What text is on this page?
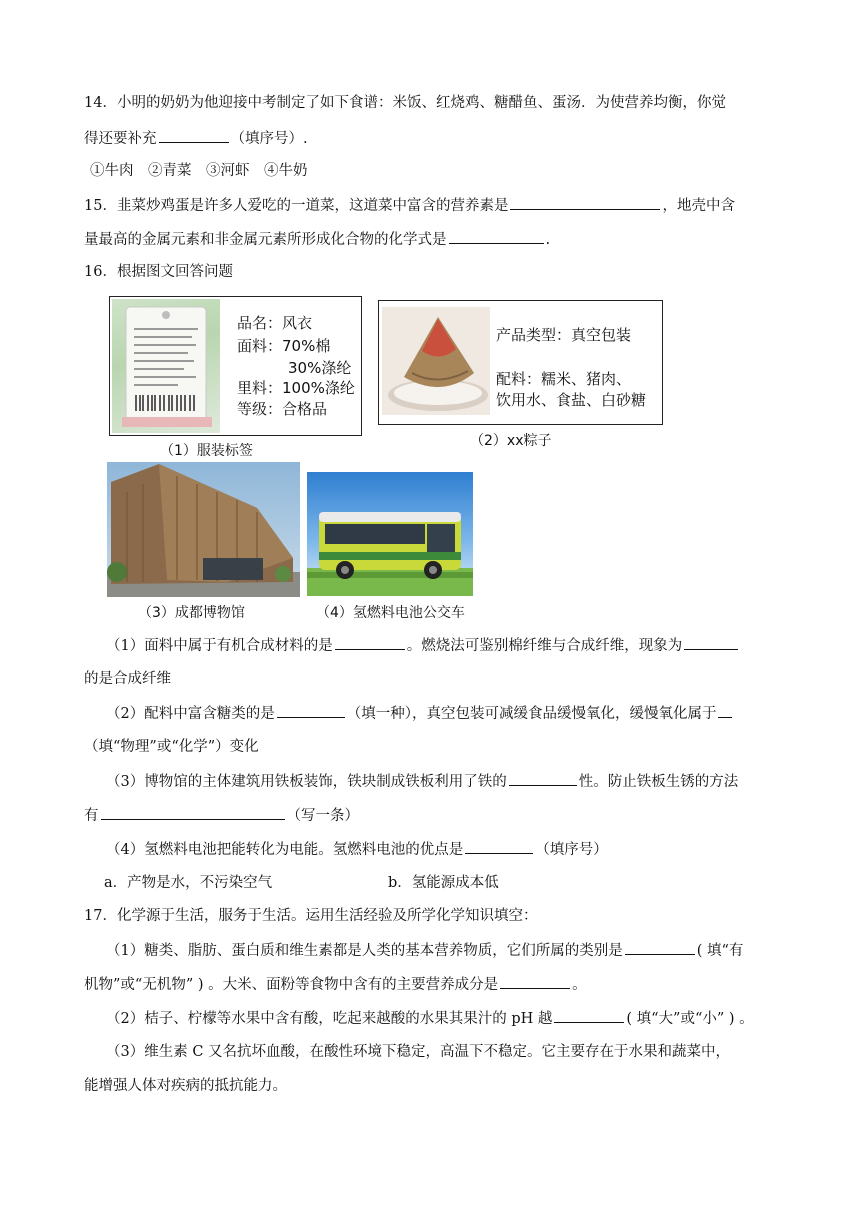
14．小明的奶奶为他迎接中考制定了如下食谱：米饭、红烧鸡、糖醋鱼、蛋汤．为使营养均衡，你觉
得还要补充	（填序号）.
①牛肉　②青菜　③河虾　④牛奶
15．韭菜炒鸡蛋是许多人爱吃的一道菜，这道菜中富含的营养素是	，地壳中含
量最高的金属元素和非金属元素所形成化合物的化学式是	.
16．根据图文回答问题
品名：风衣
面料：70%棉
30%涤纶
里料：100%涤纶
等级：合格品
（1）服装标签
产品类型：真空包装
配料：糯米、猪肉、
饮用水、食盐、白砂糖
（2）xx粽子
（3）成都博物馆	（4）氢燃料电池公交车
（1）面料中属于有机合成材料的是	。燃烧法可鉴别棉纤维与合成纤维，现象为
的是合成纤维
（2）配料中富含糖类的是	（填一种），真空包装可减缓食品缓慢氧化，缓慢氧化属于
（填“物理”或“化学”）变化
（3）博物馆的主体建筑用铁板装饰，铁块制成铁板利用了铁的	性。防止铁板生锈的方法
有	（写一条）
（4）氢燃料电池把能转化为电能。氢燃料电池的优点是	（填序号）
a．产物是水，不污染空气	b．氢能源成本低
17．化学源于生活，服务于生活。运用生活经验及所学化学知识填空：
（1）糖类、脂肪、蛋白质和维生素都是人类的基本营养物质，它们所属的类别是	( 填“有
机物”或“无机物” ) 。大米、面粉等食物中含有的主要营养成分是	。
（2）桔子、柠檬等水果中含有酸，吃起来越酸的水果其果汁的 pH 越	( 填“大”或“小” ) 。
（3）维生素 C 又名抗坏血酸，在酸性环境下稳定，高温下不稳定。它主要存在于水果和蔬菜中，
能增强人体对疾病的抵抗能力。
